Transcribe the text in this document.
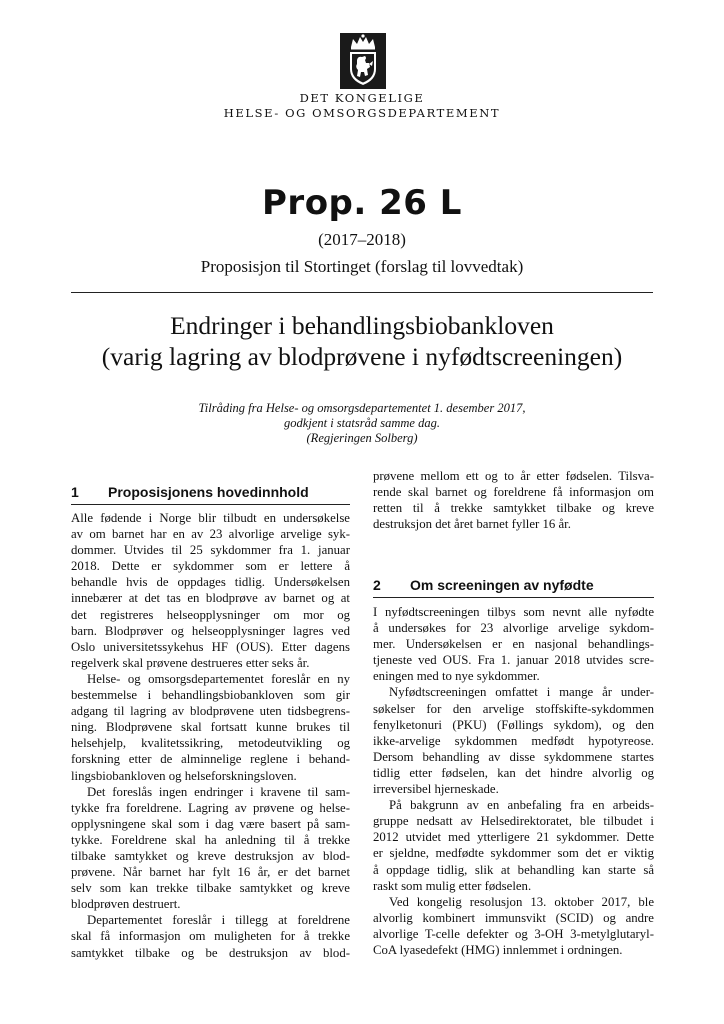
DET KONGELIGE
HELSE- OG OMSORGSDEPARTEMENT
Prop. 26 L
(2017–2018)
Proposisjon til Stortinget (forslag til lovvedtak)
Endringer i behandlingsbiobankloven
(varig lagring av blodprøvene i nyfødtscreeningen)
Tilråding fra Helse- og omsorgsdepartementet 1. desember 2017,
godkjent i statsråd samme dag.
(Regjeringen Solberg)
1 Proposisjonens hovedinnhold
Alle fødende i Norge blir tilbudt en undersøkelse
av om barnet har en av 23 alvorlige arvelige syk-
dommer. Utvides til 25 sykdommer fra 1. januar
2018. Dette er sykdommer som er lettere å
behandle hvis de oppdages tidlig. Undersøkelsen
innebærer at det tas en blodprøve av barnet og at
det registreres helseopplysninger om mor og
barn. Blodprøver og helseopplysninger lagres ved
Oslo universitetssykehus HF (OUS). Etter dagens
regelverk skal prøvene destrueres etter seks år.
Helse- og omsorgsdepartementet foreslår en ny
bestemmelse i behandlingsbiobankloven som gir
adgang til lagring av blodprøvene uten tidsbegrens-
ning. Blodprøvene skal fortsatt kunne brukes til
helsehjelp, kvalitetssikring, metodeutvikling og
forskning etter de alminnelige reglene i behand-
lingsbiobankloven og helseforskningsloven.
Det foreslås ingen endringer i kravene til sam-
tykke fra foreldrene. Lagring av prøvene og helse-
opplysningene skal som i dag være basert på sam-
tykke. Foreldrene skal ha anledning til å trekke
tilbake samtykket og kreve destruksjon av blod-
prøvene. Når barnet har fylt 16 år, er det barnet
selv som kan trekke tilbake samtykket og kreve
blodprøven destruert.
Departementet foreslår i tillegg at foreldrene
skal få informasjon om muligheten for å trekke
samtykket tilbake og be destruksjon av blod-
prøvene mellom ett og to år etter fødselen. Tilsva-
rende skal barnet og foreldrene få informasjon om
retten til å trekke samtykket tilbake og kreve
destruksjon det året barnet fyller 16 år.
2 Om screeningen av nyfødte
I nyfødtscreeningen tilbys som nevnt alle nyfødte
å undersøkes for 23 alvorlige arvelige sykdom-
mer. Undersøkelsen er en nasjonal behandlings-
tjeneste ved OUS. Fra 1. januar 2018 utvides scre-
eningen med to nye sykdommer.
Nyfødtscreeningen omfattet i mange år under-
søkelser for den arvelige stoffskifte-sykdommen
fenylketonuri (PKU) (Føllings sykdom), og den
ikke-arvelige sykdommen medfødt hypotyreose.
Dersom behandling av disse sykdommene startes
tidlig etter fødselen, kan det hindre alvorlig og
irreversibel hjerneskade.
På bakgrunn av en anbefaling fra en arbeids-
gruppe nedsatt av Helsedirektoratet, ble tilbudet i
2012 utvidet med ytterligere 21 sykdommer. Dette
er sjeldne, medfødte sykdommer som det er viktig
å oppdage tidlig, slik at behandling kan starte så
raskt som mulig etter fødselen.
Ved kongelig resolusjon 13. oktober 2017, ble
alvorlig kombinert immunsvikt (SCID) og andre
alvorlige T-celle defekter og 3-OH 3-metylglutaryl-
CoA lyasedefekt (HMG) innlemmet i ordningen.
